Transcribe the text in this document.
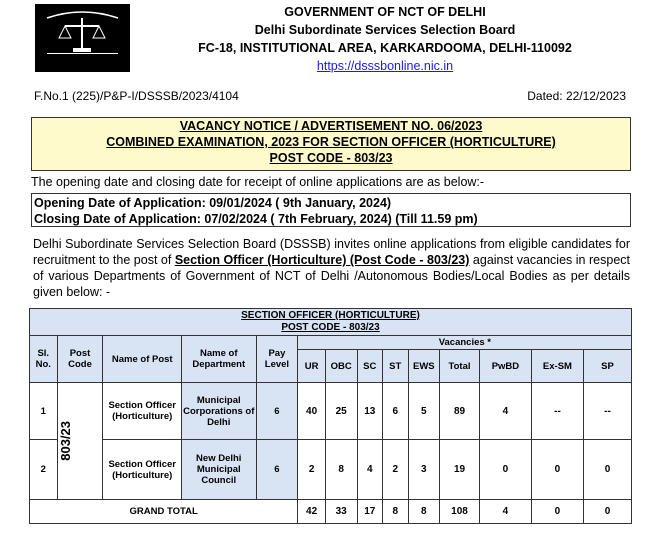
GOVERNMENT OF NCT OF DELHI
Delhi Subordinate Services Selection Board
FC-18, INSTITUTIONAL AREA, KARKARDOOMA, DELHI-110092
https://dsssbonline.nic.in
F.No.1 (225)/P&P-I/DSSSB/2023/4104	Dated: 22/12/2023
VACANCY NOTICE / ADVERTISEMENT NO. 06/2023
COMBINED EXAMINATION, 2023 FOR SECTION OFFICER (HORTICULTURE)
POST CODE - 803/23
The opening date and closing date for receipt of online applications are as below:-
Opening Date of Application: 09/01/2024 ( 9th January, 2024)
Closing Date of Application: 07/02/2024 ( 7th February, 2024) (Till 11.59 pm)
Delhi Subordinate Services Selection Board (DSSSB) invites online applications from eligible candidates for recruitment to the post of Section Officer (Horticulture) (Post Code - 803/23) against vacancies in respect of various Departments of Government of NCT of Delhi /Autonomous Bodies/Local Bodies as per details given below: -
SECTION OFFICER (HORTICULTURE)
POST CODE - 803/23													

Sl. No.	Post Code	Name of Post	Name of Department	Pay Level	Vacancies *								
					UR	OBC	SC	ST	EWS	Total	PwBD	Ex-SM	SP
1	803/23	Section Officer (Horticulture)	Municipal Corporations of Delhi	6	40	25	13	6	5	89	4	--	--
2		Section Officer (Horticulture)	New Delhi Municipal Council	6	2	8	4	2	3	19	0	0	0
GRAND TOTAL					42	33	17	8	8	108	4	0	0
